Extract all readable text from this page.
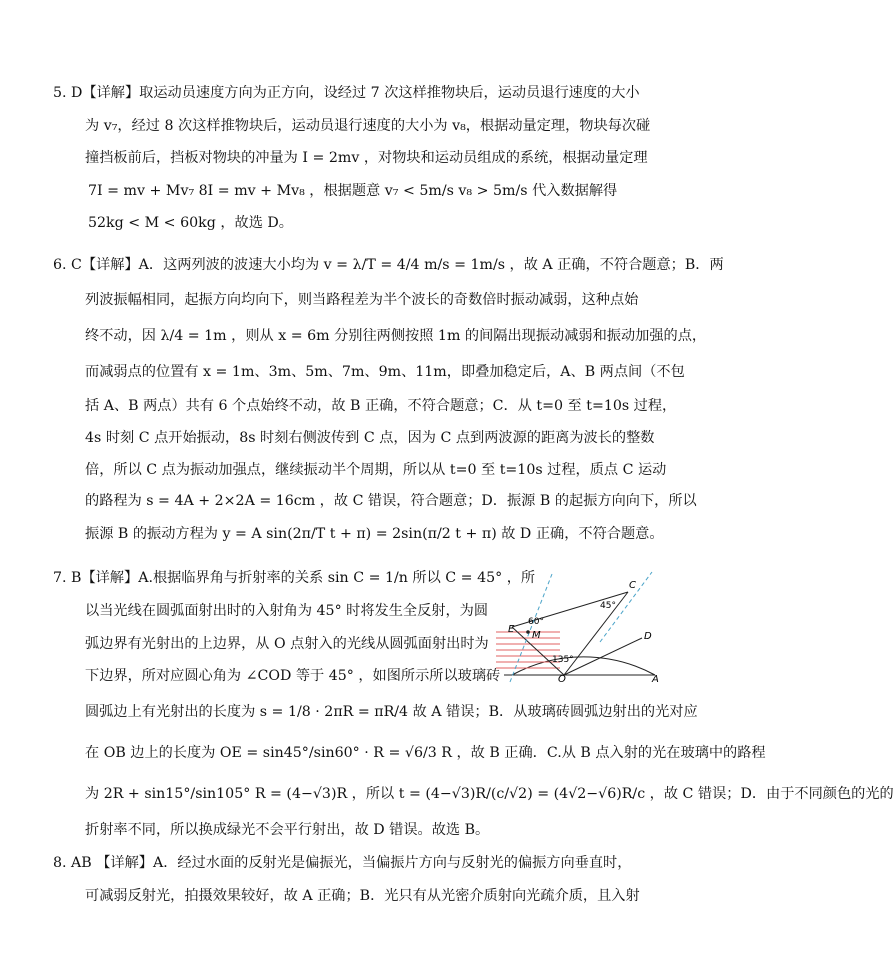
5. D【详解】取运动员速度方向为正方向，设经过 7 次这样推物块后，运动员退行速度的大小
为 v₇，经过 8 次这样推物块后，运动员退行速度的大小为 v₈，根据动量定理，物块每次碰
撞挡板前后，挡板对物块的冲量为 I = 2mv ，对物块和运动员组成的系统，根据动量定理
7I = mv + Mv₇ 8I = mv + Mv₈ ，根据题意 v₇ < 5m/s v₈ > 5m/s 代入数据解得
52kg < M < 60kg ，故选 D。
6. C【详解】A．这两列波的波速大小均为 v = λ/T = 4/4 m/s = 1m/s ，故 A 正确，不符合题意；B．两
列波振幅相同，起振方向均向下，则当路程差为半个波长的奇数倍时振动减弱，这种点始
终不动，因 λ/4 = 1m ，则从 x = 6m 分别往两侧按照 1m 的间隔出现振动减弱和振动加强的点，
而减弱点的位置有 x = 1m、3m、5m、7m、9m、11m，即叠加稳定后，A、B 两点间（不包
括 A、B 两点）共有 6 个点始终不动，故 B 正确，不符合题意；C．从 t=0 至 t=10s 过程，
4s 时刻 C 点开始振动，8s 时刻右侧波传到 C 点，因为 C 点到两波源的距离为波长的整数
倍，所以 C 点为振动加强点，继续振动半个周期，所以从 t=0 至 t=10s 过程，质点 C 运动
的路程为 s = 4A + 2×2A = 16cm ，故 C 错误，符合题意；D．振源 B 的起振方向向下，所以
振源 B 的振动方程为 y = A sin(2π/T t + π) = 2sin(π/2 t + π) 故 D 正确，不符合题意。
7. B【详解】A.根据临界角与折射率的关系 sin C = 1/n 所以 C = 45° ，所
以当光线在圆弧面射出时的入射角为 45° 时将发生全反射，为圆
弧边界有光射出的上边界，从 O 点射入的光线从圆弧面射出时为
下边界，所对应圆心角为 ∠COD 等于 45° ，如图所示所以玻璃砖
圆弧边上有光射出的长度为 s = 1/8 · 2πR = πR/4 故 A 错误；B．从玻璃砖圆弧边射出的光对应
在 OB 边上的长度为 OE = sin45°/sin60° · R = √6/3 R ，故 B 正确．C.从 B 点入射的光在玻璃中的路程
为 2R + sin15°/sin105° R = (4−√3)R ，所以 t = (4−√3)R/(c/√2) = (4√2−√6)R/c ，故 C 错误；D．由于不同颜色的光的
折射率不同，所以换成绿光不会平行射出，故 D 错误。故选 B。
8. AB 【详解】A．经过水面的反射光是偏振光，当偏振片方向与反射光的偏振方向垂直时，
可减弱反射光，拍摄效果较好，故 A 正确；B．光只有从光密介质射向光疏介质，且入射
C
D
E
M
O	A
60°
45°
135°
